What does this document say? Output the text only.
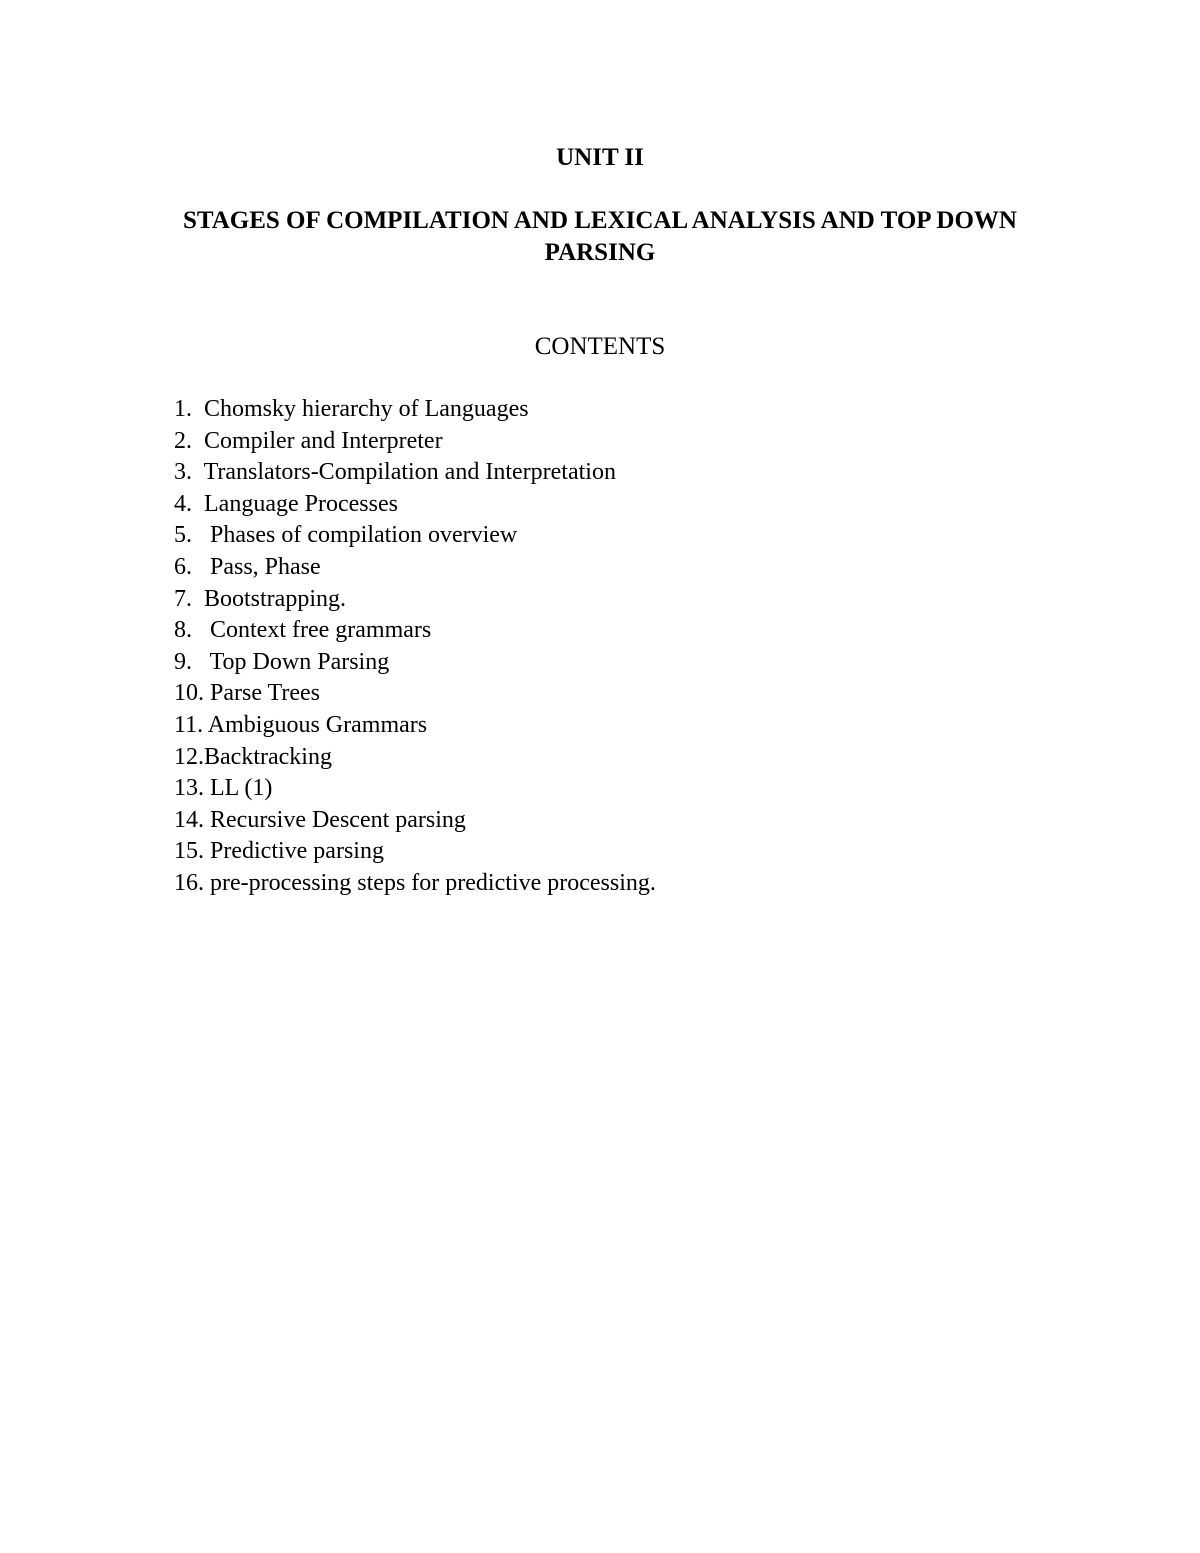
UNIT II
STAGES OF COMPILATION AND LEXICAL ANALYSIS AND TOP DOWN PARSING
CONTENTS
1.  Chomsky hierarchy of Languages
2.  Compiler and Interpreter
3.  Translators-Compilation and Interpretation
4.  Language Processes
5.   Phases of compilation overview
6.   Pass, Phase
7.  Bootstrapping.
8.   Context free grammars
9.   Top Down Parsing
10. Parse Trees
11. Ambiguous Grammars
12.Backtracking
13. LL (1)
14. Recursive Descent parsing
15. Predictive parsing
16. pre-processing steps for predictive processing.
